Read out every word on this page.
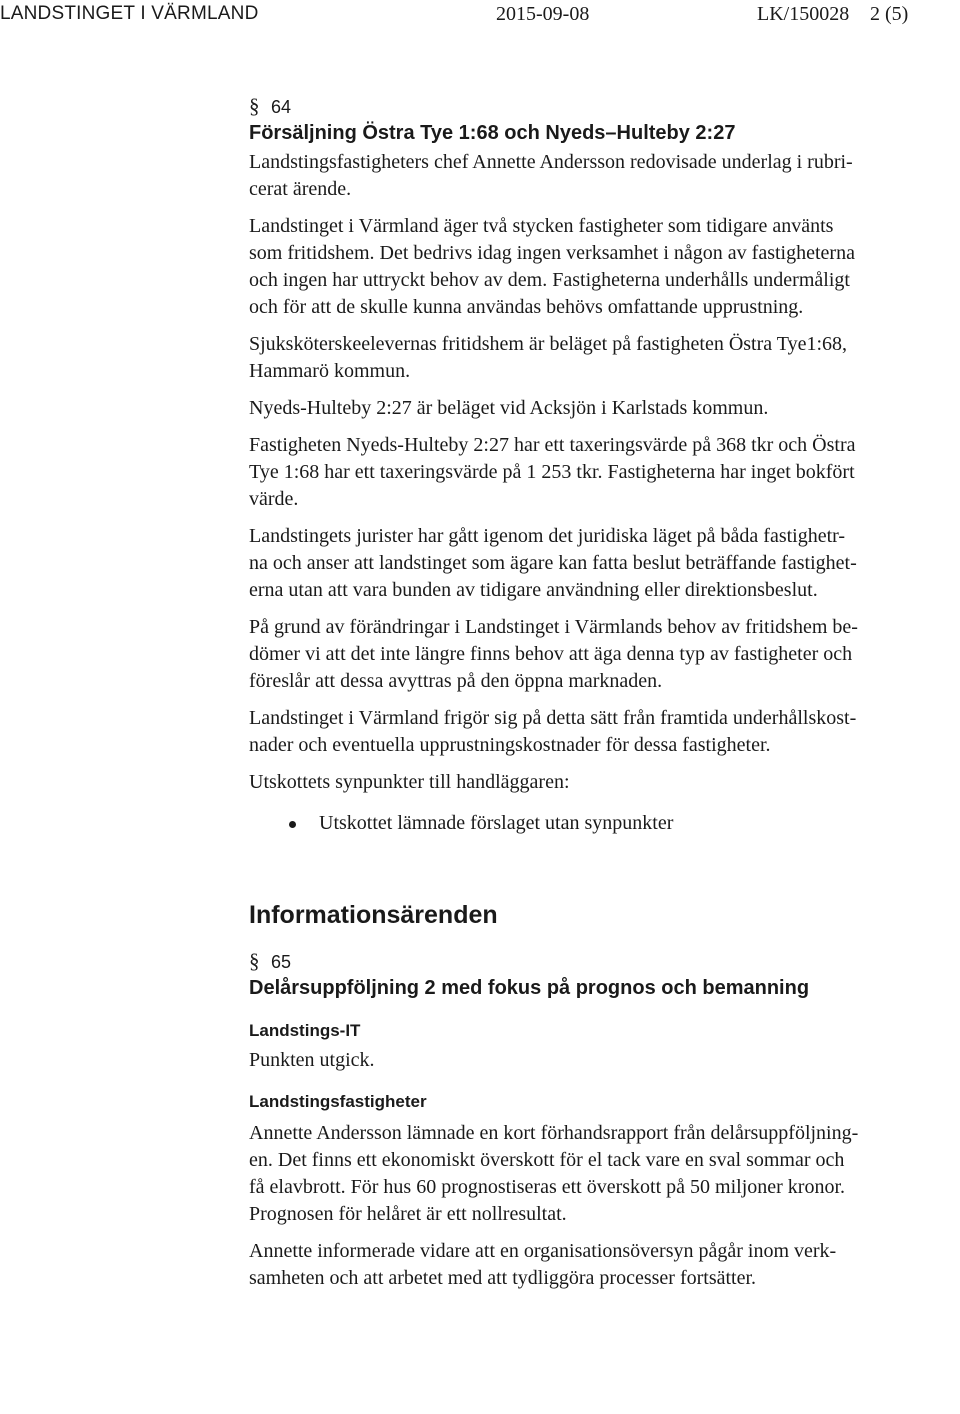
LANDSTINGET I VÄRMLAND	2015-09-08	LK/150028 2 (5)
§ 64
Försäljning Östra Tye 1:68 och Nyeds–Hulteby 2:27

Landstingsfastigheters chef Annette Andersson redovisade underlag i rubri-
cerat ärende.

Landstinget i Värmland äger två stycken fastigheter som tidigare använts
som fritidshem. Det bedrivs idag ingen verksamhet i någon av fastigheterna
och ingen har uttryckt behov av dem. Fastigheterna underhålls undermåligt
och för att de skulle kunna användas behövs omfattande upprustning.

Sjuksköterskeelevernas fritidshem är beläget på fastigheten Östra Tye1:68,
Hammarö kommun.

Nyeds-Hulteby 2:27 är beläget vid Acksjön i Karlstads kommun.

Fastigheten Nyeds-Hulteby 2:27 har ett taxeringsvärde på 368 tkr och Östra
Tye 1:68 har ett taxeringsvärde på 1 253 tkr. Fastigheterna har inget bokfört
värde.

Landstingets jurister har gått igenom det juridiska läget på båda fastighetr-
na och anser att landstinget som ägare kan fatta beslut beträffande fastighet-
erna utan att vara bunden av tidigare användning eller direktionsbeslut.

På grund av förändringar i Landstinget i Värmlands behov av fritidshem be-
dömer vi att det inte längre finns behov att äga denna typ av fastigheter och
föreslår att dessa avyttras på den öppna marknaden.

Landstinget i Värmland frigör sig på detta sätt från framtida underhållskost-
nader och eventuella upprustningskostnader för dessa fastigheter.

Utskottets synpunkter till handläggaren:

Utskottet lämnade förslaget utan synpunkter
Informationsärenden
§ 65
Delårsuppföljning 2 med fokus på prognos och bemanning
Landstings-IT

Punkten utgick.

Landstingsfastigheter

Annette Andersson lämnade en kort förhandsrapport från delårsuppföljning-
en. Det finns ett ekonomiskt överskott för el tack vare en sval sommar och
få elavbrott. För hus 60 prognostiseras ett överskott på 50 miljoner kronor.
Prognosen för helåret är ett nollresultat.

Annette informerade vidare att en organisationsöversyn pågår inom verk-
samheten och att arbetet med att tydliggöra processer fortsätter.
